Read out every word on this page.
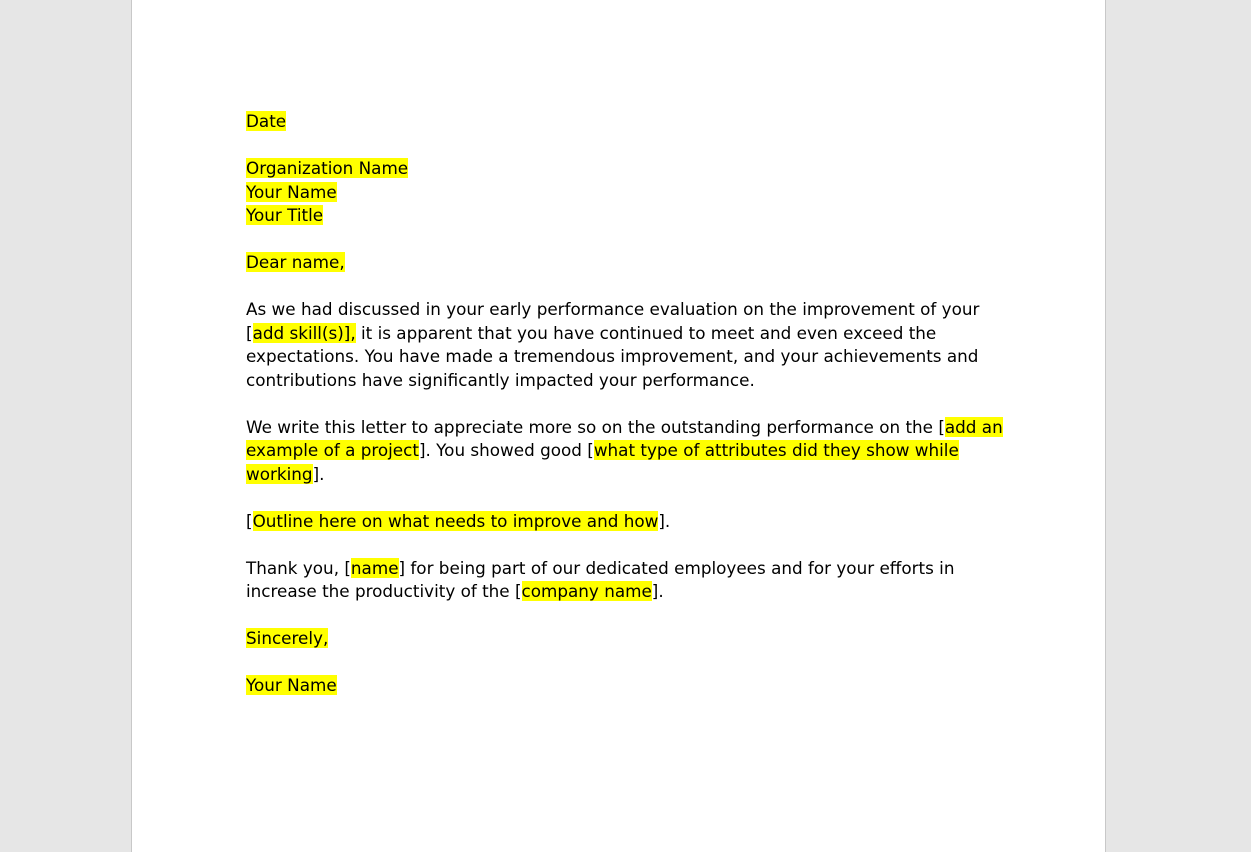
Date

Organization Name
Your Name
Your Title

Dear name,

As we had discussed in your early performance evaluation on the improvement of your [add skill(s)], it is apparent that you have continued to meet and even exceed the expectations. You have made a tremendous improvement, and your achievements and contributions have significantly impacted your performance.

We write this letter to appreciate more so on the outstanding performance on the [add an example of a project]. You showed good [what type of attributes did they show while working].

[Outline here on what needs to improve and how].

Thank you, [name] for being part of our dedicated employees and for your efforts in increase the productivity of the [company name].

Sincerely,

Your Name
